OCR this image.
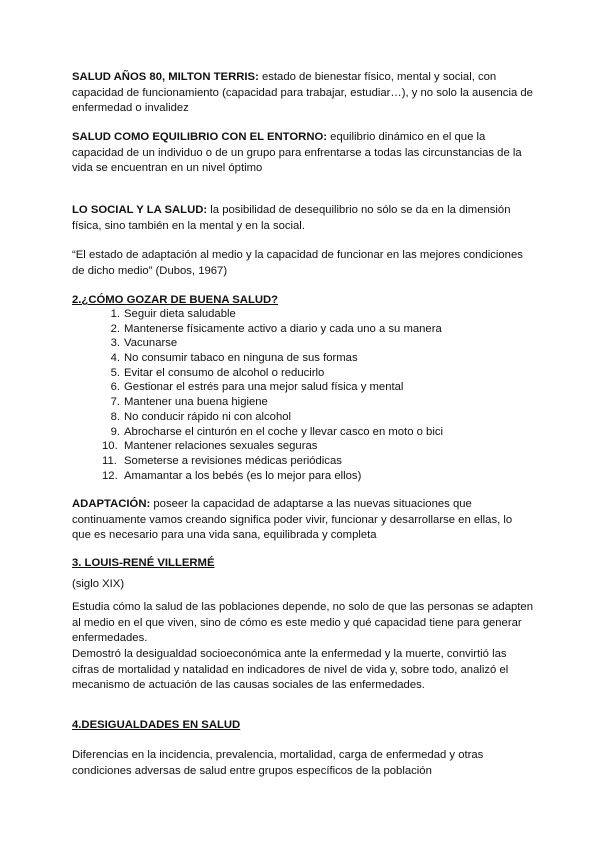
SALUD AÑOS 80, MILTON TERRIS: estado de bienestar físico, mental y social, con capacidad de funcionamiento (capacidad para trabajar, estudiar…), y no solo la ausencia de enfermedad o invalidez

SALUD COMO EQUILIBRIO CON EL ENTORNO: equilibrio dinámico en el que la capacidad de un individuo o de un grupo para enfrentarse a todas las circunstancias de la vida se encuentran en un nivel óptimo

LO SOCIAL Y LA SALUD: la posibilidad de desequilibrio no sólo se da en la dimensión física, sino también en la mental y en la social.

“El estado de adaptación al medio y la capacidad de funcionar en las mejores condiciones de dicho medio” (Dubos, 1967)

2.¿CÓMO GOZAR DE BUENA SALUD?
1. Seguir dieta saludable
2. Mantenerse físicamente activo a diario y cada uno a su manera
3. Vacunarse
4. No consumir tabaco en ninguna de sus formas
5. Evitar el consumo de alcohol o reducirlo
6. Gestionar el estrés para una mejor salud física y mental
7. Mantener una buena higiene
8. No conducir rápido ni con alcohol
9. Abrocharse el cinturón en el coche y llevar casco en moto o bici
10. Mantener relaciones sexuales seguras
11. Someterse a revisiones médicas periódicas
12. Amamantar a los bebés (es lo mejor para ellos)

ADAPTACIÓN: poseer la capacidad de adaptarse a las nuevas situaciones que continuamente vamos creando significa poder vivir, funcionar y desarrollarse en ellas, lo que es necesario para una vida sana, equilibrada y completa

3. LOUIS-RENÉ VILLERMÉ

(siglo XIX)

Estudia cómo la salud de las poblaciones depende, no solo de que las personas se adapten al medio en el que viven, sino de cómo es este medio y qué capacidad tiene para generar enfermedades.

Demostró la desigualdad socioeconómica ante la enfermedad y la muerte, convirtió las cifras de mortalidad y natalidad en indicadores de nivel de vida y, sobre todo, analizó el mecanismo de actuación de las causas sociales de las enfermedades.

4.DESIGUALDADES EN SALUD

Diferencias en la incidencia, prevalencia, mortalidad, carga de enfermedad y otras condiciones adversas de salud entre grupos específicos de la población
